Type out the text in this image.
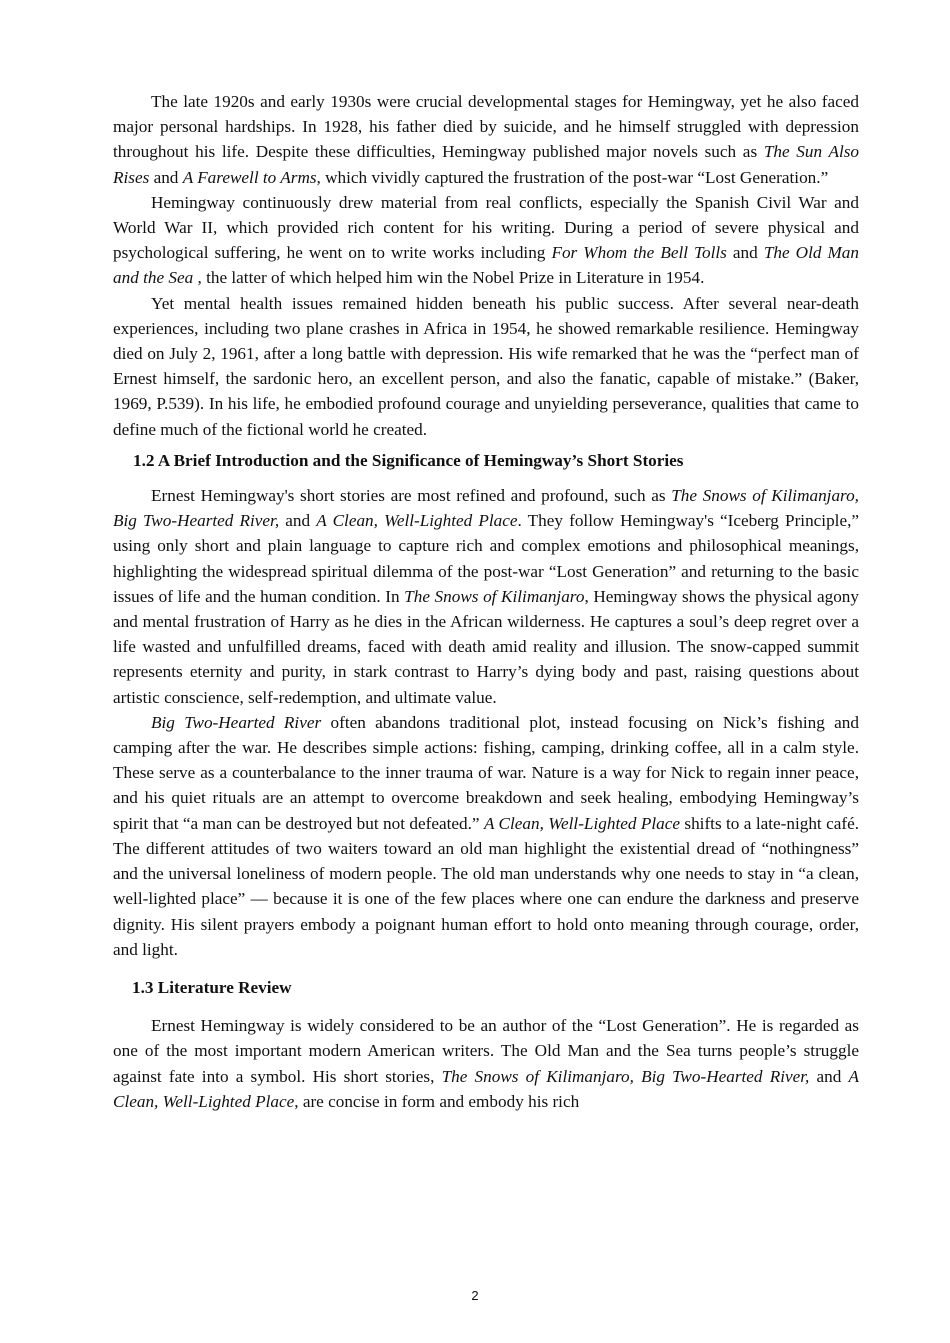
The late 1920s and early 1930s were crucial developmental stages for Hemingway, yet he also faced major personal hardships. In 1928, his father died by suicide, and he himself struggled with depression throughout his life. Despite these difficulties, Hemingway published major novels such as The Sun Also Rises and A Farewell to Arms, which vividly captured the frustration of the post-war “Lost Generation.”

Hemingway continuously drew material from real conflicts, especially the Spanish Civil War and World War II, which provided rich content for his writing. During a period of severe physical and psychological suffering, he went on to write works including For Whom the Bell Tolls and The Old Man and the Sea , the latter of which helped him win the Nobel Prize in Literature in 1954.

Yet mental health issues remained hidden beneath his public success. After several near-death experiences, including two plane crashes in Africa in 1954, he showed remarkable resilience. Hemingway died on July 2, 1961, after a long battle with depression. His wife remarked that he was the “perfect man of Ernest himself, the sardonic hero, an excellent person, and also the fanatic, capable of mistake.” (Baker, 1969, P.539). In his life, he embodied profound courage and unyielding perseverance, qualities that came to define much of the fictional world he created.

1.2 A Brief Introduction and the Significance of Hemingway’s Short Stories

Ernest Hemingway's short stories are most refined and profound, such as The Snows of Kilimanjaro, Big Two-Hearted River, and A Clean, Well-Lighted Place. They follow Hemingway's “Iceberg Principle,” using only short and plain language to capture rich and complex emotions and philosophical meanings, highlighting the widespread spiritual dilemma of the post-war “Lost Generation” and returning to the basic issues of life and the human condition. In The Snows of Kilimanjaro, Hemingway shows the physical agony and mental frustration of Harry as he dies in the African wilderness. He captures a soul’s deep regret over a life wasted and unfulfilled dreams, faced with death amid reality and illusion. The snow-capped summit represents eternity and purity, in stark contrast to Harry’s dying body and past, raising questions about artistic conscience, self-redemption, and ultimate value.

Big Two-Hearted River often abandons traditional plot, instead focusing on Nick’s fishing and camping after the war. He describes simple actions: fishing, camping, drinking coffee, all in a calm style. These serve as a counterbalance to the inner trauma of war. Nature is a way for Nick to regain inner peace, and his quiet rituals are an attempt to overcome breakdown and seek healing, embodying Hemingway’s spirit that “a man can be destroyed but not defeated.” A Clean, Well-Lighted Place shifts to a late-night café. The different attitudes of two waiters toward an old man highlight the existential dread of “nothingness” and the universal loneliness of modern people. The old man understands why one needs to stay in “a clean, well-lighted place” — because it is one of the few places where one can endure the darkness and preserve dignity. His silent prayers embody a poignant human effort to hold onto meaning through courage, order, and light.

1.3 Literature Review

Ernest Hemingway is widely considered to be an author of the “Lost Generation”. He is regarded as one of the most important modern American writers. The Old Man and the Sea turns people’s struggle against fate into a symbol. His short stories, The Snows of Kilimanjaro, Big Two-Hearted River, and A Clean, Well-Lighted Place, are concise in form and embody his rich

2
